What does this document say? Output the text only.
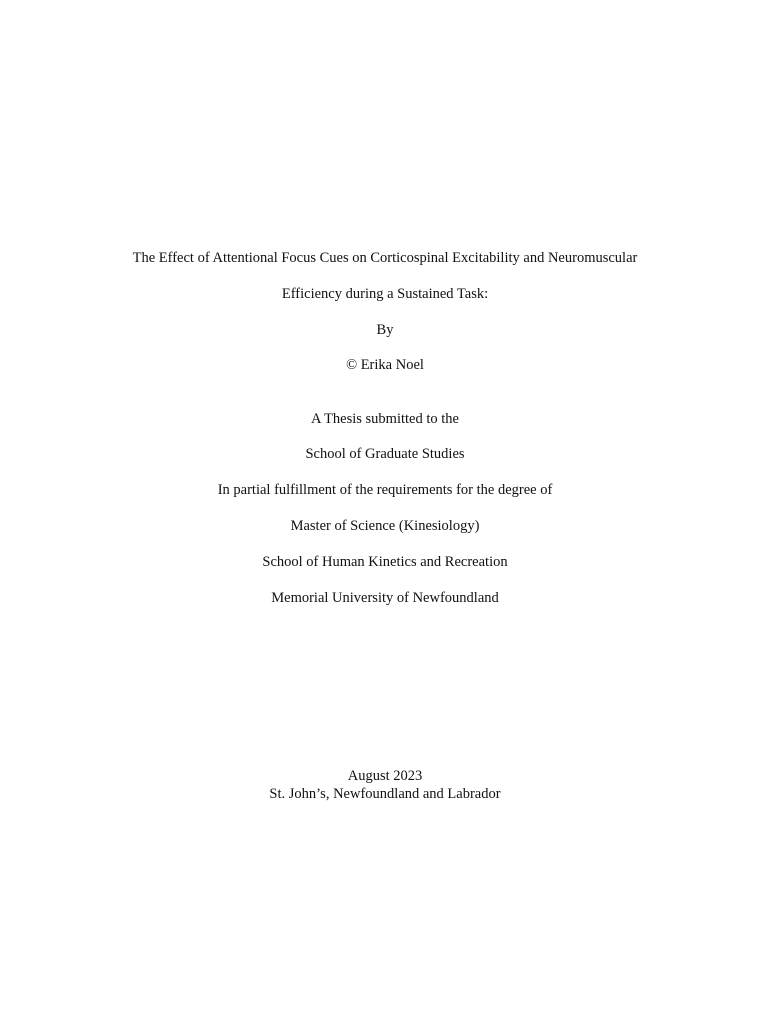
The Effect of Attentional Focus Cues on Corticospinal Excitability and Neuromuscular
Efficiency during a Sustained Task:
By
© Erika Noel
A Thesis submitted to the
School of Graduate Studies
In partial fulfillment of the requirements for the degree of
Master of Science (Kinesiology)
School of Human Kinetics and Recreation
Memorial University of Newfoundland
August 2023
St. John’s, Newfoundland and Labrador
